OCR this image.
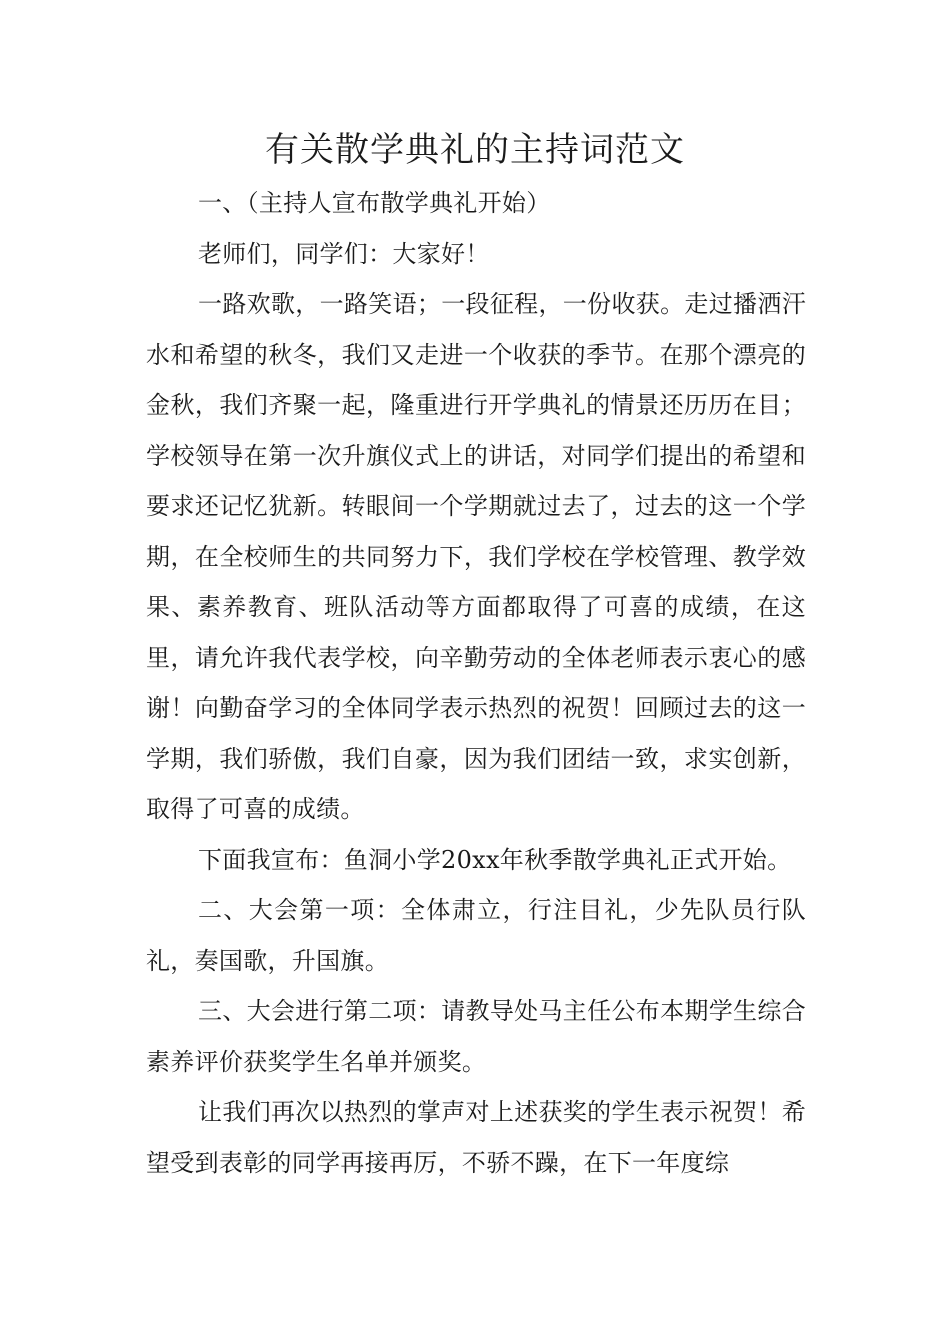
有关散学典礼的主持词范文

一、（主持人宣布散学典礼开始）

老师们，同学们：大家好！

一路欢歌，一路笑语；一段征程，一份收获。走过播洒汗水和希望的秋冬，我们又走进一个收获的季节。在那个漂亮的金秋，我们齐聚一起，隆重进行开学典礼的情景还历历在目；学校领导在第一次升旗仪式上的讲话，对同学们提出的希望和要求还记忆犹新。转眼间一个学期就过去了，过去的这一个学期，在全校师生的共同努力下，我们学校在学校管理、教学效果、素养教育、班队活动等方面都取得了可喜的成绩，在这里，请允许我代表学校，向辛勤劳动的全体老师表示衷心的感谢！向勤奋学习的全体同学表示热烈的祝贺！回顾过去的这一学期，我们骄傲，我们自豪，因为我们团结一致，求实创新，取得了可喜的成绩。

下面我宣布：鱼洞小学20xx年秋季散学典礼正式开始。

二、大会第一项：全体肃立，行注目礼，少先队员行队礼，奏国歌，升国旗。

三、大会进行第二项：请教导处马主任公布本期学生综合素养评价获奖学生名单并颁奖。

让我们再次以热烈的掌声对上述获奖的学生表示祝贺！希望受到表彰的同学再接再厉，不骄不躁，在下一年度综
